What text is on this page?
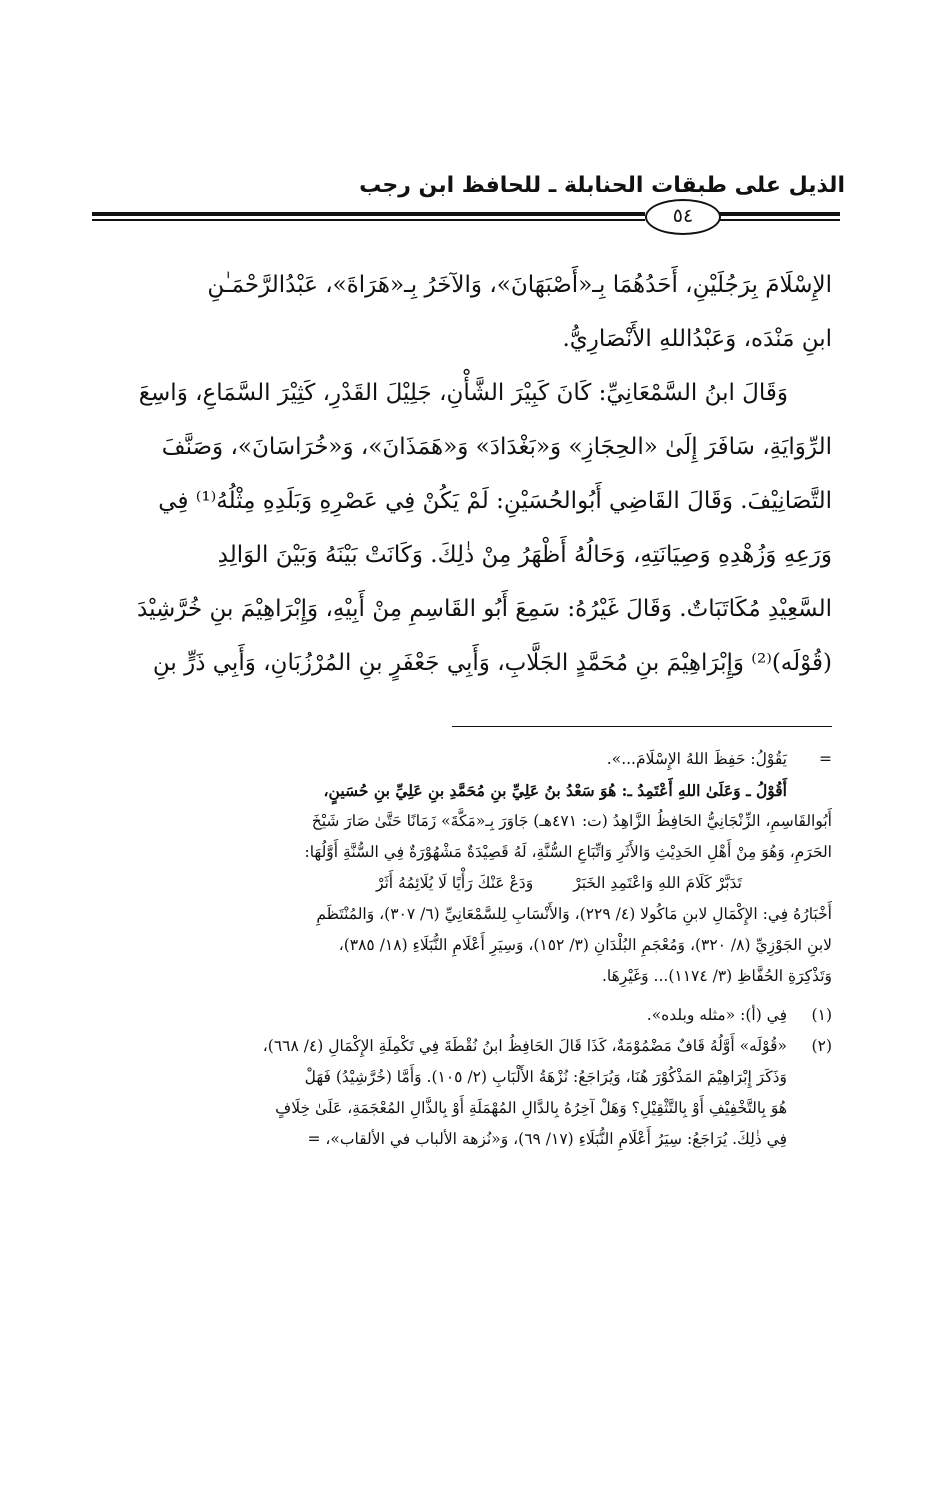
الذيل على طبقات الحنابلة ـ للحافظ ابن رجب
٥٤
الإِسْلَامَ بِرَجُلَيْنِ، أَحَدُهُمَا بِـ«أَصْبَهَانَ»، وَالآخَرُ بِـ«هَرَاةَ»، عَبْدُالرَّحْمَـٰنِ
ابنِ مَنْدَه، وَعَبْدُاللهِ الأَنْصَارِيُّ.
وَقَالَ ابنُ السَّمْعَانِيِّ: كَانَ كَبِيْرَ الشَّأْنِ، جَلِيْلَ القَدْرِ، كَثِيْرَ السَّمَاعِ، وَاسِعَ
الرِّوَايَةِ، سَافَرَ إِلَىٰ «الحِجَازِ» وَ«بَغْدَادَ» وَ«هَمَذَانَ»، وَ«خُرَاسَانَ»، وَصَنَّفَ
التَّصَانِيْفَ. وَقَالَ القَاضِي أَبُوالحُسَيْنِ: لَمْ يَكُنْ فِي عَصْرِهِ وَبَلَدِهِ مِثْلُهُ⁽¹⁾ فِي
وَرَعِهِ وَزُهْدِهِ وَصِيَانَتِهِ، وَحَالُهُ أَظْهَرُ مِنْ ذٰلِكَ. وَكَانَتْ بَيْنَهُ وَبَيْنَ الوَالِدِ
السَّعِيْدِ مُكَاتَبَاتٌ. وَقَالَ غَيْرُهُ: سَمِعَ أَبُو القَاسِمِ مِنْ أَبِيْهِ، وَإِبْرَاهِيْمَ بنِ خُرَّشِيْدَ
(قُوْلَه)⁽²⁾ وَإِبْرَاهِيْمَ بنِ مُحَمَّدٍ الجَلَّابِ، وَأَبِي جَعْفَرٍ بنِ المُرْزُبَانِ، وَأَبِي ذَرٍّ بنِ
=يَقُوْلُ: حَفِظَ اللهُ الإِسْلَامَ...».
أَقُوْلُ ـ وَعَلَىٰ اللهِ أَعْتَمِدُ ـ: هُوَ سَعْدُ بنُ عَلِيِّ بنِ مُحَمَّدِ بنِ عَلِيِّ بنِ حُسَينٍ،
أَبُوالقَاسِمِ، الزِّنْجَانِيُّ الحَافِظُ الزَّاهِدُ (ت: ٤٧١هـ) جَاوَرَ بِـ«مَكَّةَ» زَمَانًا حَتَّىٰ صَارَ شَيْخَ
الحَرَمِ، وَهُوَ مِنْ أَهْلِ الحَدِيْثِ وَالأَثَرِ وَاتِّبَاعِ السُّنَّةِ، لَهُ قَصِيْدَةٌ مَشْهُوْرَةٌ فِي السُّنَّةِ أَوَّلُهَا:
تَدَبَّرْ كَلَامَ اللهِ وَاعْتَمِدِ الخَبَرْوَدَعْ عَنْكَ رَأْيًا لَا يُلَائِمُهُ أَثَرْ
أَخْبَارُهُ فِي: الإِكْمَالِ لابنِ مَاكُولا (٤/ ٢٢٩)، وَالأَنْسَابِ لِلسَّمْعَانِيِّ (٦/ ٣٠٧)، وَالمُنْتَظَمِ
لابنِ الجَوْزِيِّ (٨/ ٣٢٠)، وَمُعْجَمِ البُلْدَانِ (٣/ ١٥٢)، وَسِيَرِ أَعْلَامِ النُّبَلَاءِ (١٨/ ٣٨٥)،
وَتَذْكِرَةِ الحُفَّاظِ (٣/ ١١٧٤)... وَغَيْرِهَا.
(١)
فِي (أ): «مثله وبلده».
(٢)
«قُوْلَه» أَوَّلُهُ قَافٌ مَضْمُوْمَةٌ، كَذَا قَالَ الحَافِظُ ابنُ نُقْطَةَ فِي تَكْمِلَةِ الإِكْمَالِ (٤/ ٦٦٨)،
وَذَكَرَ إِبْرَاهِيْمَ المَذْكُوْرَ هُنَا، وَيُرَاجَعُ: نُزْهَةُ الأَلْبَابِ (٢/ ١٠٥). وَأَمَّا (خُرَّشِيْدُ) فَهَلْ
هُوَ بِالتَّخْفِيْفِ أَوْ بِالتَّثْقِيْلِ؟ وَهَلْ آخِرُهُ بِالدَّالِ المُهْمَلَةِ أَوْ بِالذَّالِ المُعْجَمَةِ، عَلَىٰ خِلَافٍ
فِي ذٰلِكَ. يُرَاجَعُ: سِيَرُ أَعْلَامِ النُّبَلَاءِ (١٧/ ٦٩)، وَ«نُزهة الألباب في الألقاب»، =
